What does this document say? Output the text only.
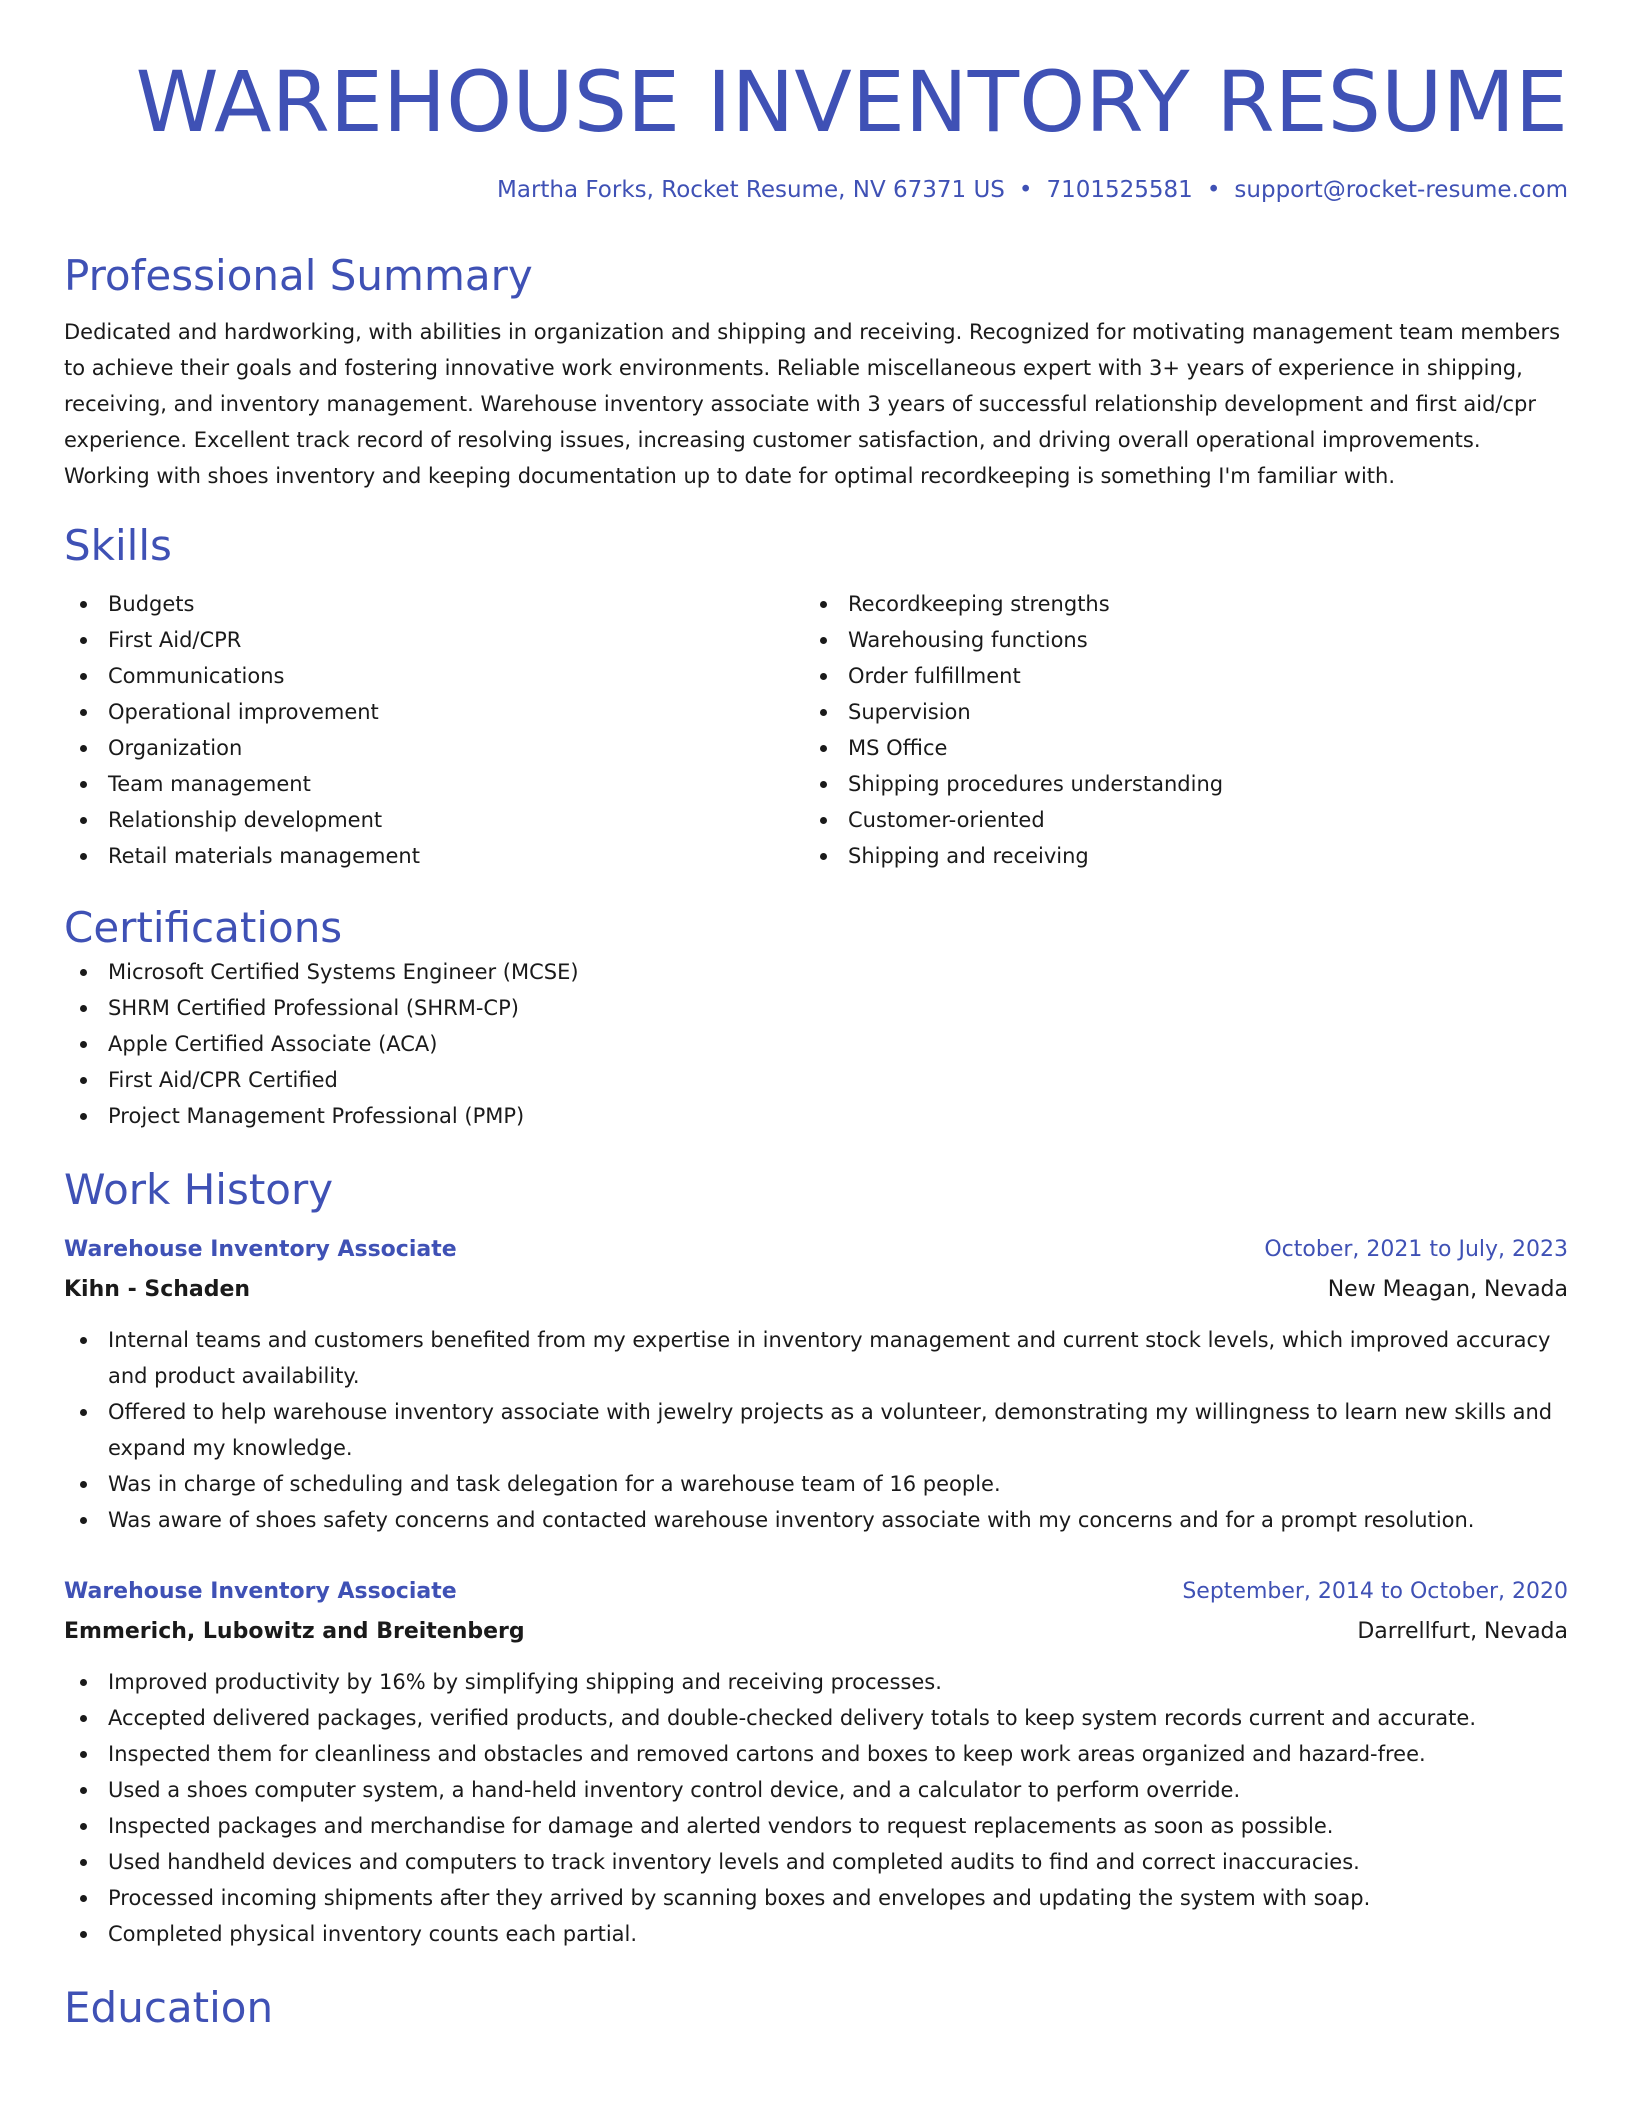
WAREHOUSE INVENTORY RESUME
Martha Forks, Rocket Resume, NV 67371 US • 7101525581 • support@rocket-resume.com
Professional Summary
Dedicated and hardworking, with abilities in organization and shipping and receiving. Recognized for motivating management team members to achieve their goals and fostering innovative work environments. Reliable miscellaneous expert with 3+ years of experience in shipping, receiving, and inventory management. Warehouse inventory associate with 3 years of successful relationship development and first aid/cpr experience. Excellent track record of resolving issues, increasing customer satisfaction, and driving overall operational improvements. Working with shoes inventory and keeping documentation up to date for optimal recordkeeping is something I'm familiar with.
Skills
Budgets
First Aid/CPR
Communications
Operational improvement
Organization
Team management
Relationship development
Retail materials management
Recordkeeping strengths
Warehousing functions
Order fulfillment
Supervision
MS Office
Shipping procedures understanding
Customer-oriented
Shipping and receiving
Certifications
Microsoft Certified Systems Engineer (MCSE)
SHRM Certified Professional (SHRM-CP)
Apple Certified Associate (ACA)
First Aid/CPR Certified
Project Management Professional (PMP)
Work History
Warehouse Inventory Associate	October, 2021 to July, 2023
Kihn - Schaden	New Meagan, Nevada
Internal teams and customers benefited from my expertise in inventory management and current stock levels, which improved accuracy and product availability.
Offered to help warehouse inventory associate with jewelry projects as a volunteer, demonstrating my willingness to learn new skills and expand my knowledge.
Was in charge of scheduling and task delegation for a warehouse team of 16 people.
Was aware of shoes safety concerns and contacted warehouse inventory associate with my concerns and for a prompt resolution.
Warehouse Inventory Associate	September, 2014 to October, 2020
Emmerich, Lubowitz and Breitenberg	Darrellfurt, Nevada
Improved productivity by 16% by simplifying shipping and receiving processes.
Accepted delivered packages, verified products, and double-checked delivery totals to keep system records current and accurate.
Inspected them for cleanliness and obstacles and removed cartons and boxes to keep work areas organized and hazard-free.
Used a shoes computer system, a hand-held inventory control device, and a calculator to perform override.
Inspected packages and merchandise for damage and alerted vendors to request replacements as soon as possible.
Used handheld devices and computers to track inventory levels and completed audits to find and correct inaccuracies.
Processed incoming shipments after they arrived by scanning boxes and envelopes and updating the system with soap.
Completed physical inventory counts each partial.
Education
